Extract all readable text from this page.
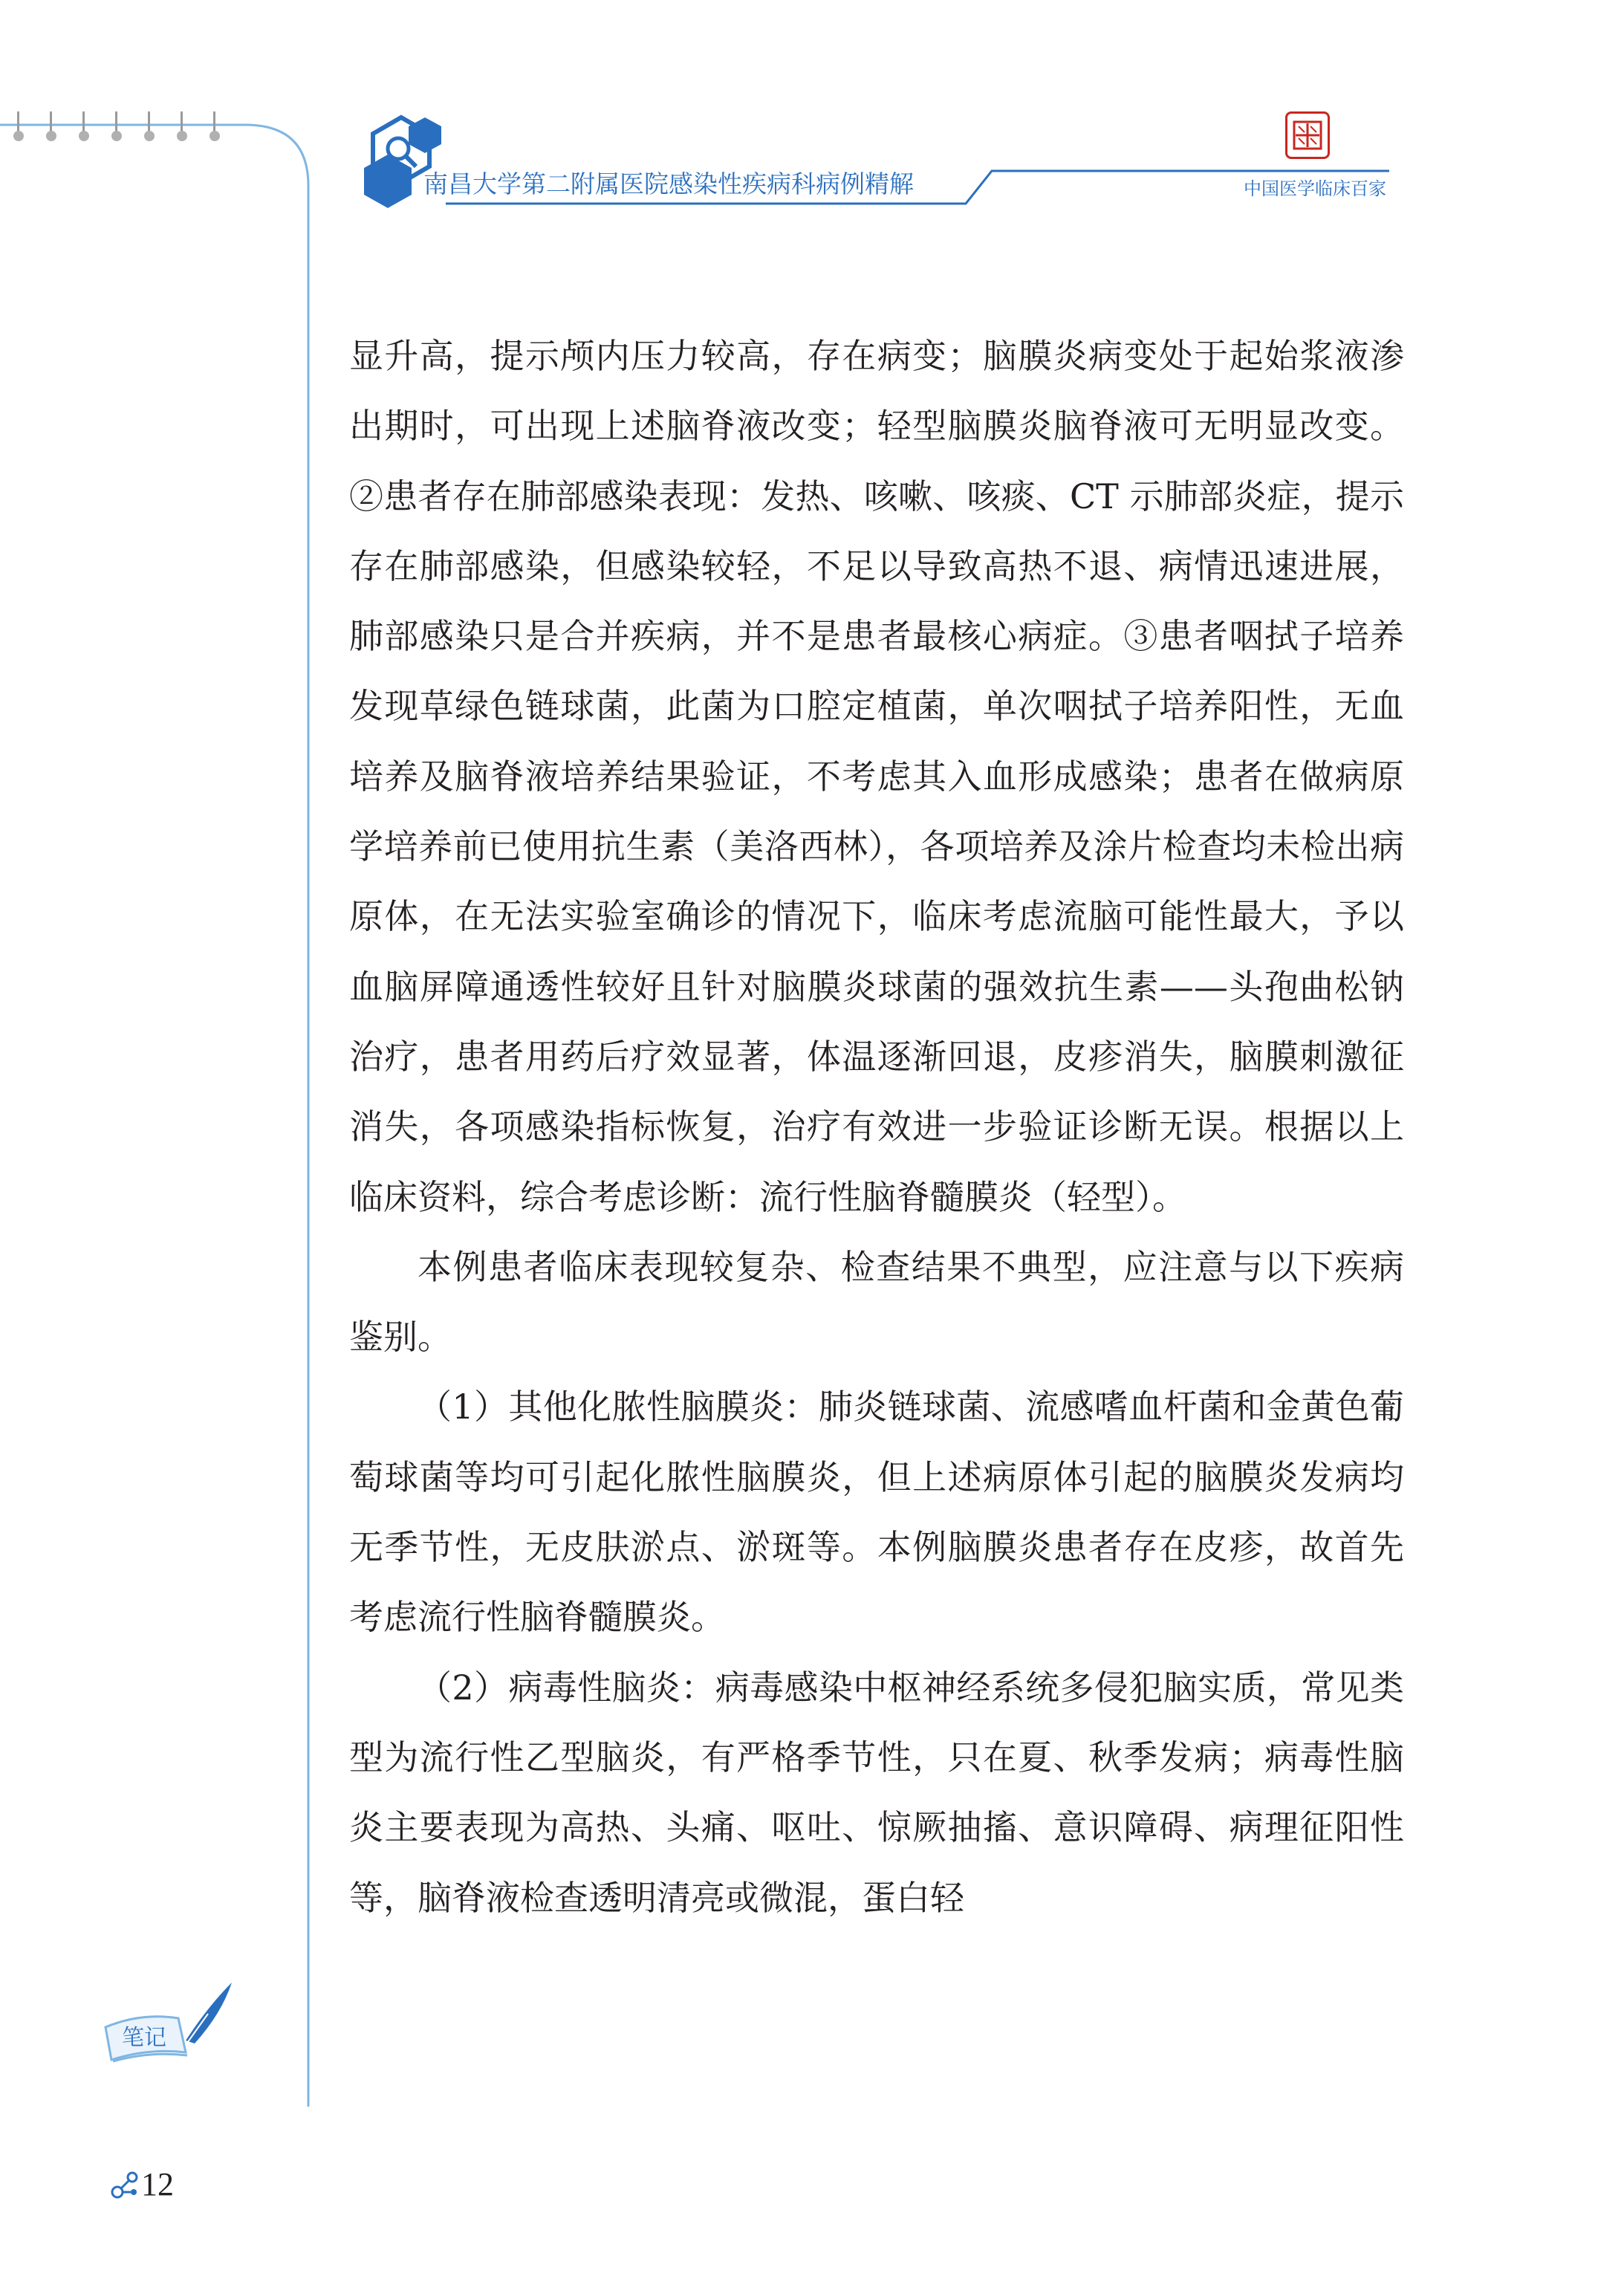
南昌大学第二附属医院感染性疾病科病例精解	中国医学临床百家

显升高，提示颅内压力较高，存在病变；脑膜炎病变处于起始浆液渗出期时，可出现上述脑脊液改变；轻型脑膜炎脑脊液可无明显改变。②患者存在肺部感染表现：发热、咳嗽、咳痰、CT 示肺部炎症，提示存在肺部感染，但感染较轻，不足以导致高热不退、病情迅速进展，肺部感染只是合并疾病，并不是患者最核心病症。③患者咽拭子培养发现草绿色链球菌，此菌为口腔定植菌，单次咽拭子培养阳性，无血培养及脑脊液培养结果验证，不考虑其入血形成感染；患者在做病原学培养前已使用抗生素（美洛西林），各项培养及涂片检查均未检出病原体，在无法实验室确诊的情况下，临床考虑流脑可能性最大，予以血脑屏障通透性较好且针对脑膜炎球菌的强效抗生素——头孢曲松钠治疗，患者用药后疗效显著，体温逐渐回退，皮疹消失，脑膜刺激征消失，各项感染指标恢复，治疗有效进一步验证诊断无误。根据以上临床资料，综合考虑诊断：流行性脑脊髓膜炎（轻型）。

本例患者临床表现较复杂、检查结果不典型，应注意与以下疾病鉴别。

（1）其他化脓性脑膜炎：肺炎链球菌、流感嗜血杆菌和金黄色葡萄球菌等均可引起化脓性脑膜炎，但上述病原体引起的脑膜炎发病均无季节性，无皮肤淤点、淤斑等。本例脑膜炎患者存在皮疹，故首先考虑流行性脑脊髓膜炎。

（2）病毒性脑炎：病毒感染中枢神经系统多侵犯脑实质，常见类型为流行性乙型脑炎，有严格季节性，只在夏、秋季发病；病毒性脑炎主要表现为高热、头痛、呕吐、惊厥抽搐、意识障碍、病理征阳性等，脑脊液检查透明清亮或微混，蛋白轻

笔记
12
